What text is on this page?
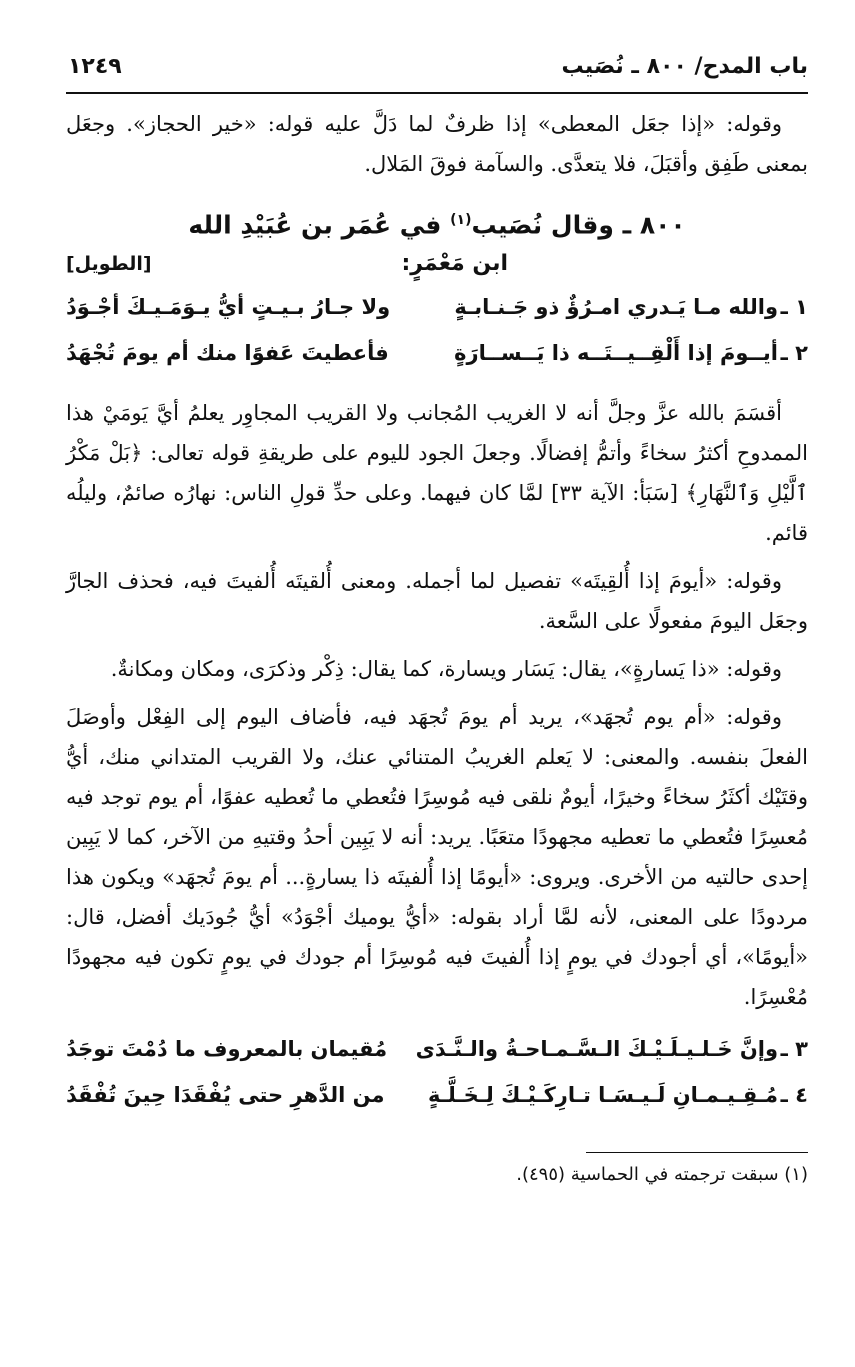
باب المدح/ ٨٠٠ ـ نُصَيب
١٢٤٩

وقوله: «إذا جعَل المعطى» إذا ظرفٌ لما دَلَّ عليه قوله: «خير الحجاز». وجعَل بمعنى طَفِق وأقبَلَ، فلا يتعدَّى. والسآمة فوقَ المَلال.

٨٠٠ ـ وقال نُصَيب$^{(١)}$ في عُمَر بن عُبَيْدِ الله
ابن مَعْمَرٍ:
[الطويل]
١ ـ
والله مـا يَـدري امـرُؤٌ ذو جَـنـابـةٍ
ولا جـارُ بـيـتٍ أيُّ يـوَمَـيـكَ أجْـوَدُ
٢ ـ
أيــومَ إذا أَلْقِــيــتَــه ذا يَــســارَةٍ
فأعطيتَ عَفوًا منك أم يومَ تُجْهَدُ

أقسَمَ بالله عزَّ وجلَّ أنه لا الغريب المُجانب ولا القريب المجاوِر يعلمُ أيَّ يَومَيْ هذا الممدوحِ أكثرُ سخاءً وأتمُّ إفضالًا. وجعلَ الجود لليوم على طريقةِ قوله تعالى: ﴿بَلْ مَكْرُ ٱلَّيْلِ وَٱلنَّهَارِ﴾ [سَبَأ: الآية ٣٣] لمَّا كان فيهما. وعلى حدِّ قولِ الناس: نهارُه صائمٌ، وليلُه قائم.

وقوله: «أيومَ إذا أُلقِيتَه» تفصيل لما أجمله. ومعنى أُلقيتَه أُلفيتَ فيه، فحذف الجارَّ وجعَل اليومَ مفعولًا على السَّعة.

وقوله: «ذا يَسارةٍ»، يقال: يَسَار ويسارة، كما يقال: ذِكْر وذكرَى، ومكان ومكانةٌ.

وقوله: «أم يوم تُجهَد»، يريد أم يومَ تُجهَد فيه، فأضاف اليوم إلى الفِعْل وأوصَلَ الفعلَ بنفسه. والمعنى: لا يَعلم الغريبُ المتنائي عنك، ولا القريب المتداني منك، أيُّ وقتَيْك أكثَرُ سخاءً وخيرًا، أيومٌ نلقى فيه مُوسِرًا فتُعطي ما تُعطيه عفوًا، أم يوم توجد فيه مُعسِرًا فتُعطي ما تعطيه مجهودًا متعَبًا. يريد: أنه لا يَبِين أحدُ وقتيهِ من الآخر، كما لا يَبِين إحدى حالتيه من الأخرى. ويروى: «أيومًا إذا أُلفيتَه ذا يسارةٍ... أم يومَ تُجهَد» ويكون هذا مردودًا على المعنى، لأنه لمَّا أراد بقوله: «أيُّ يوميك أجْوَدُ» أيُّ جُودَيك أفضل، قال: «أيومًا»، أي أجودك في يومٍ إذا أُلفيتَ فيه مُوسِرًا أم جودك في يومٍ تكون فيه مجهودًا مُعْسِرًا.

٣ ـ
وإنَّ خَـلـيـلَـيْـكَ الـسَّـمـاحـةُ والـنَّـدَى
مُقيمان بالمعروف ما دُمْتَ توجَدُ
٤ ـ
مُـقِـيـمـانِ لَـيـسَـا تـارِكَـيْـكَ لِـخَـلَّـةٍ
من الدَّهرِ حتى يُفْقَدَا حِينَ تُفْقَدُ
(١) سبقت ترجمته في الحماسية (٤٩٥).
